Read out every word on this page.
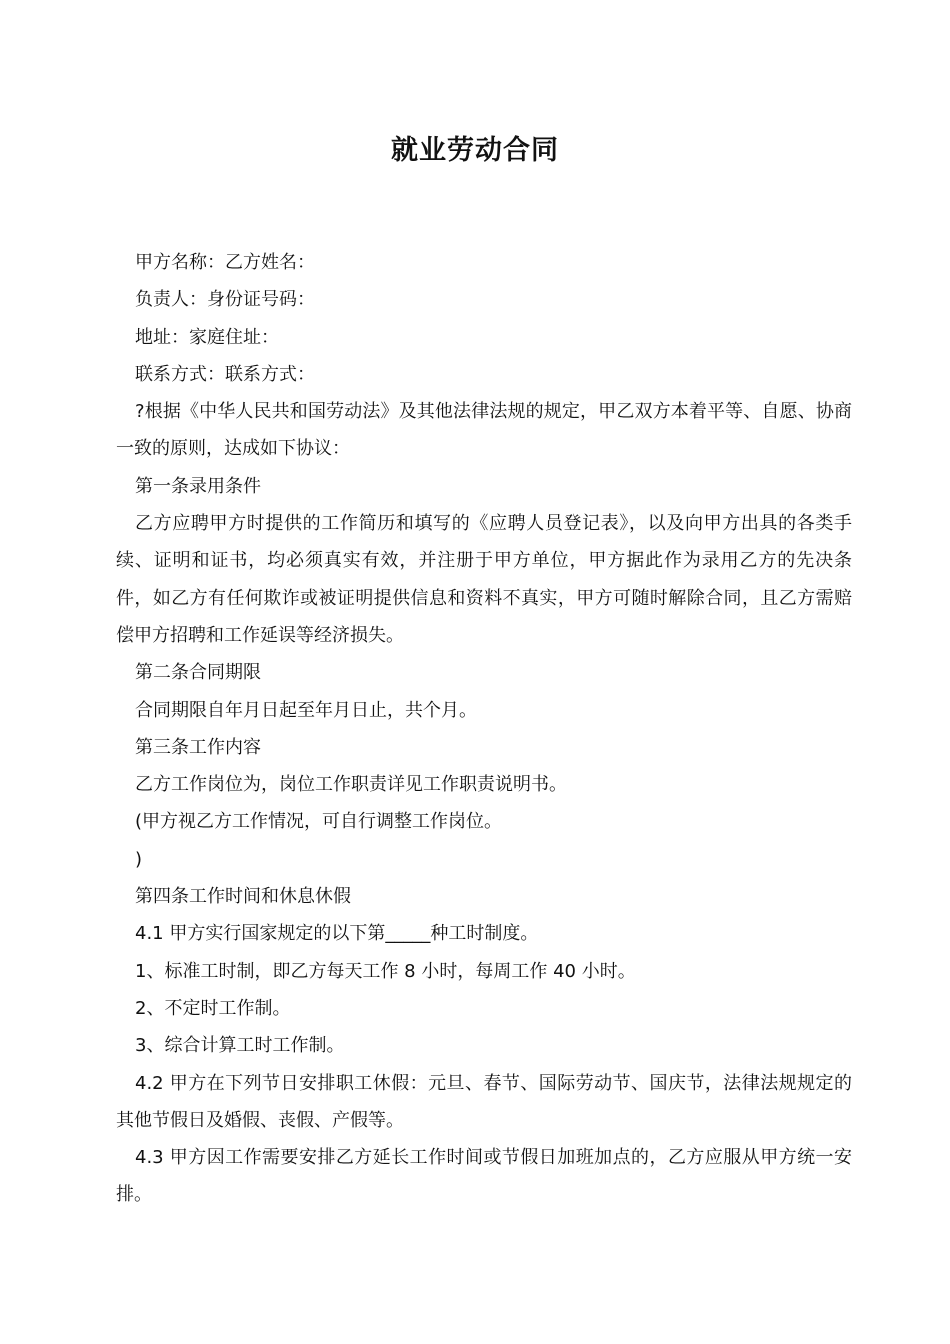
就业劳动合同

甲方名称：乙方姓名：

负责人：身份证号码：

地址：家庭住址：

联系方式：联系方式：

?根据《中华人民共和国劳动法》及其他法律法规的规定，甲乙双方本着平等、自愿、协商一致的原则，达成如下协议：

第一条录用条件

乙方应聘甲方时提供的工作简历和填写的《应聘人员登记表》，以及向甲方出具的各类手续、证明和证书，均必须真实有效，并注册于甲方单位，甲方据此作为录用乙方的先决条件，如乙方有任何欺诈或被证明提供信息和资料不真实，甲方可随时解除合同，且乙方需赔偿甲方招聘和工作延误等经济损失。

第二条合同期限

合同期限自年月日起至年月日止，共个月。

第三条工作内容

乙方工作岗位为，岗位工作职责详见工作职责说明书。

(甲方视乙方工作情况，可自行调整工作岗位。

)

第四条工作时间和休息休假

4.1 甲方实行国家规定的以下第_____种工时制度。

1、标准工时制，即乙方每天工作 8 小时，每周工作 40 小时。

2、不定时工作制。

3、综合计算工时工作制。

4.2 甲方在下列节日安排职工休假：元旦、春节、国际劳动节、国庆节，法律法规规定的其他节假日及婚假、丧假、产假等。

4.3 甲方因工作需要安排乙方延长工作时间或节假日加班加点的，乙方应服从甲方统一安排。
